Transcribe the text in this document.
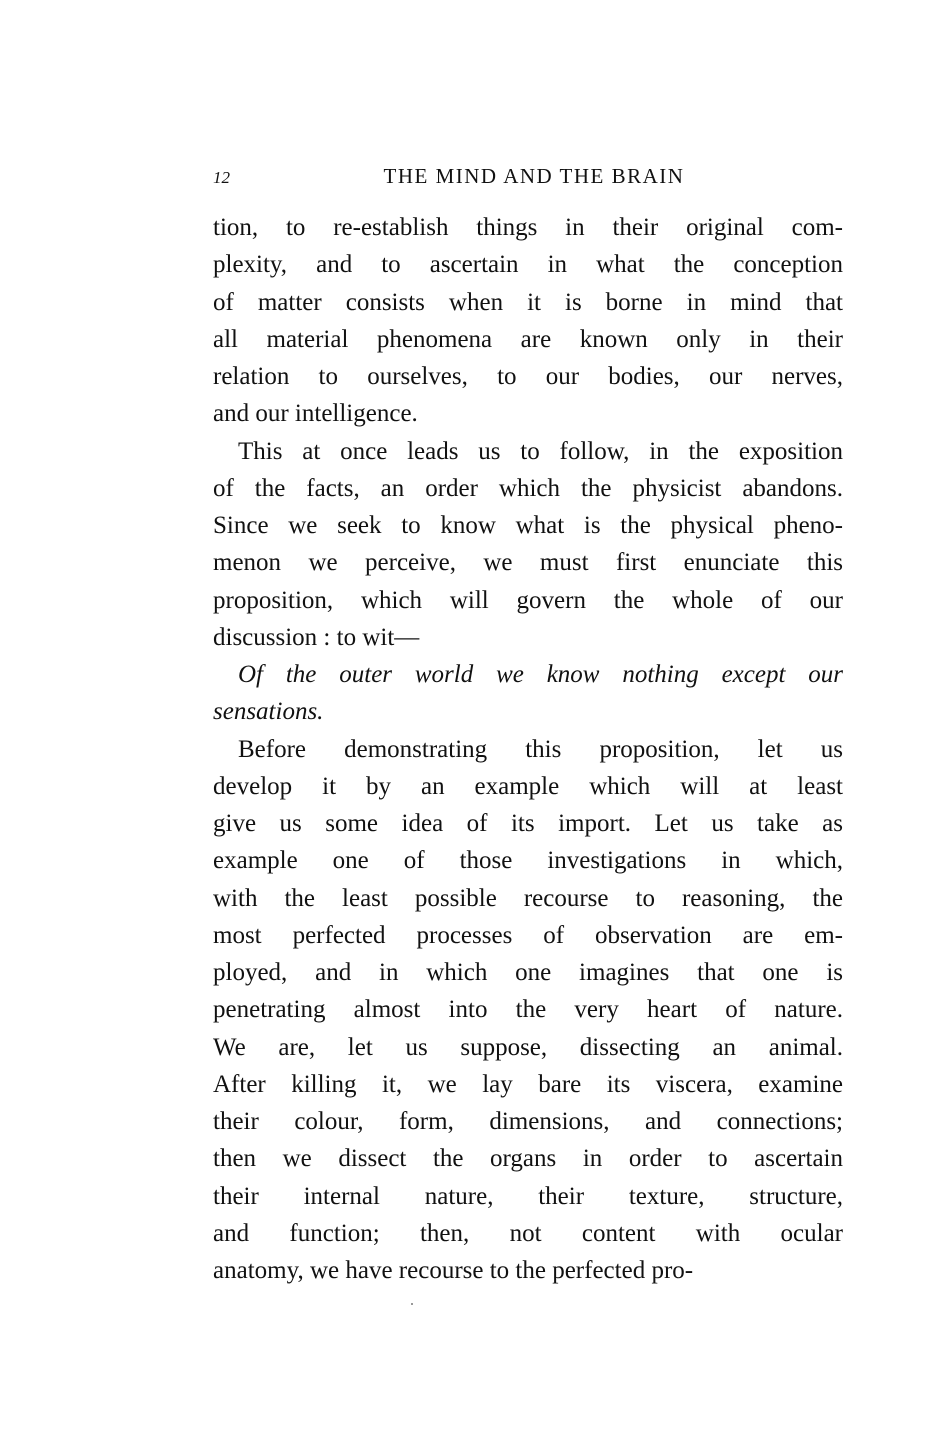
12	THE MIND AND THE BRAIN
tion, to re-establish things in their original com-
plexity, and to ascertain in what the conception
of matter consists when it is borne in mind that
all material phenomena are known only in their
relation to ourselves, to our bodies, our nerves,
and our intelligence.
This at once leads us to follow, in the exposition
of the facts, an order which the physicist abandons.
Since we seek to know what is the physical pheno-
menon we perceive, we must first enunciate this
proposition, which will govern the whole of our
discussion : to wit—
Of the outer world we know nothing except our
sensations.
Before demonstrating this proposition, let us
develop it by an example which will at least
give us some idea of its import. Let us take as
example one of those investigations in which,
with the least possible recourse to reasoning, the
most perfected processes of observation are em-
ployed, and in which one imagines that one is
penetrating almost into the very heart of nature.
We are, let us suppose, dissecting an animal.
After killing it, we lay bare its viscera, examine
their colour, form, dimensions, and connections;
then we dissect the organs in order to ascertain
their internal nature, their texture, structure,
and function; then, not content with ocular
anatomy, we have recourse to the perfected pro-
